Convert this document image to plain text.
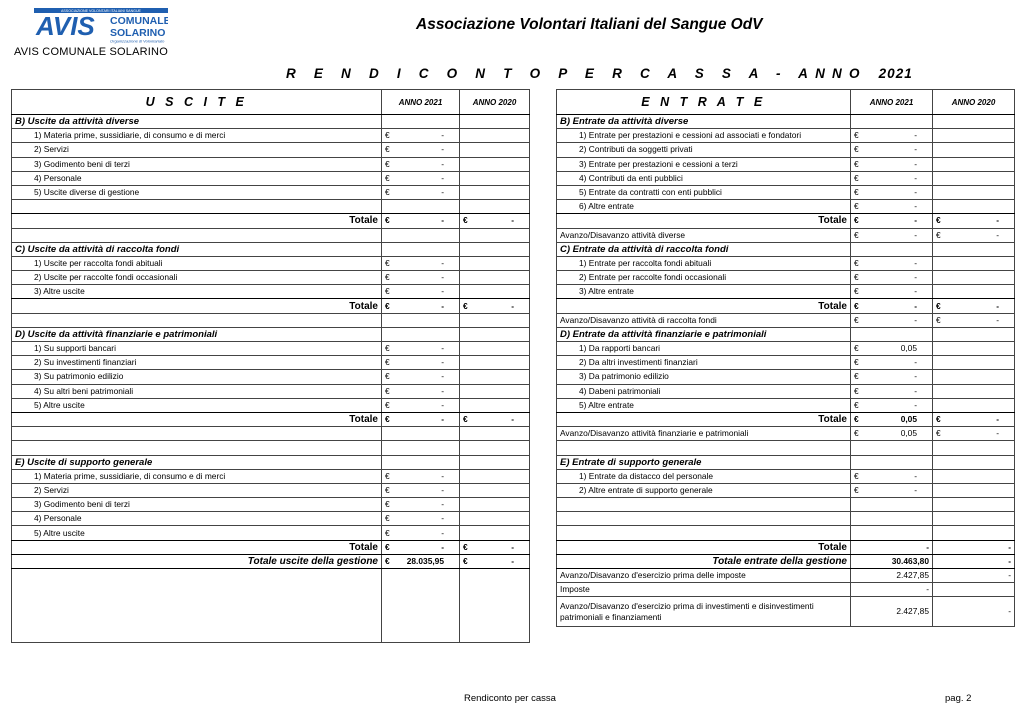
ASSOCIAZIONE VOLONTARI ITALIANI SANGUE
AVIS COMUNALE
SOLARINO
Organizzazione di Volontariato
AVIS COMUNALE SOLARINO
Associazione Volontari Italiani del Sangue OdV
R E N D I C O N T O P E R C A S S A - ANNO 2021
U S C I T E	ANNO 2021	ANNO 2020
B) Uscite da attività diverse		
1) Materia prime, sussidiarie, di consumo e di merci	€ -	

2) Servizi	€ -	

3) Godimento beni di terzi	€ -	

4) Personale	€ -	

5) Uscite diverse di gestione	€ -	

Totale	€ -	€ -

C) Uscite da attività di raccolta fondi		
1) Uscite per raccolta fondi abituali	€ -	

2) Uscite per raccolte fondi occasionali	€ -	

3) Altre uscite	€ -	

Totale	€ -	€ -

D) Uscite da attività finanziarie e patrimoniali		
1) Su supporti bancari	€ -	

2) Su investimenti finanziari	€ -	

3) Su patrimonio edilizio	€ -	

4) Su altri beni patrimoniali	€ -	

5) Altre uscite	€ -	

Totale	€ -	€ -

E) Uscite di supporto generale		
1) Materia prime, sussidiarie, di consumo e di merci	€ -	

2) Servizi	€ -	

3) Godimento beni di terzi	€ -	

4) Personale	€ -	

5) Altre uscite	€ -	

Totale	€ -	€ -

Totale uscite della gestione	€ 28.035,95	€ -

E N T R A T E	ANNO 2021	ANNO 2020
B) Entrate da attività diverse		
1) Entrate per prestazioni e cessioni ad associati e fondatori	€ -	

2) Contributi da soggetti privati	€ -	

3) Entrate per prestazioni e cessioni a terzi	€ -	

4) Contributi da enti pubblici	€ -	

5) Entrate da contratti con enti pubblici	€ -	

6) Altre entrate	€ -	

Totale	€ -	€ -

Avanzo/Disavanzo attività diverse	€ -	€ -

C) Entrate da attività di raccolta fondi		
1) Entrate per raccolta fondi abituali	€ -	

2) Entrate per raccolte fondi occasionali	€ -	

3) Altre entrate	€ -	

Totale	€ -	€ -

Avanzo/Disavanzo attività di raccolta fondi	€ -	€ -

D) Entrate da attività finanziarie e patrimoniali		
1) Da rapporti bancari	€ 0,05	

2) Da altri investimenti finanziari	€ -	

3) Da patrimonio edilizio	€ -	

4) Dabeni patrimoniali	€ -	

5) Altre entrate	€ -	

Totale	€ 0,05	€ -

Avanzo/Disavanzo attività finanziarie e patrimoniali	€ 0,05	€ -

E) Entrate di supporto generale		
1) Entrate da distacco del personale	€ -	

2) Altre entrate di supporto generale	€ -	

Totale	-	-
Totale entrate della gestione	30.463,80	-
Avanzo/Disavanzo d'esercizio prima delle imposte	2.427,85	-
Imposte	-	
Avanzo/Disavanzo d'esercizio prima di investimenti e disinvestimenti patrimoniali e finanziamenti	2.427,85	-
Rendiconto per cassa	pag. 2
